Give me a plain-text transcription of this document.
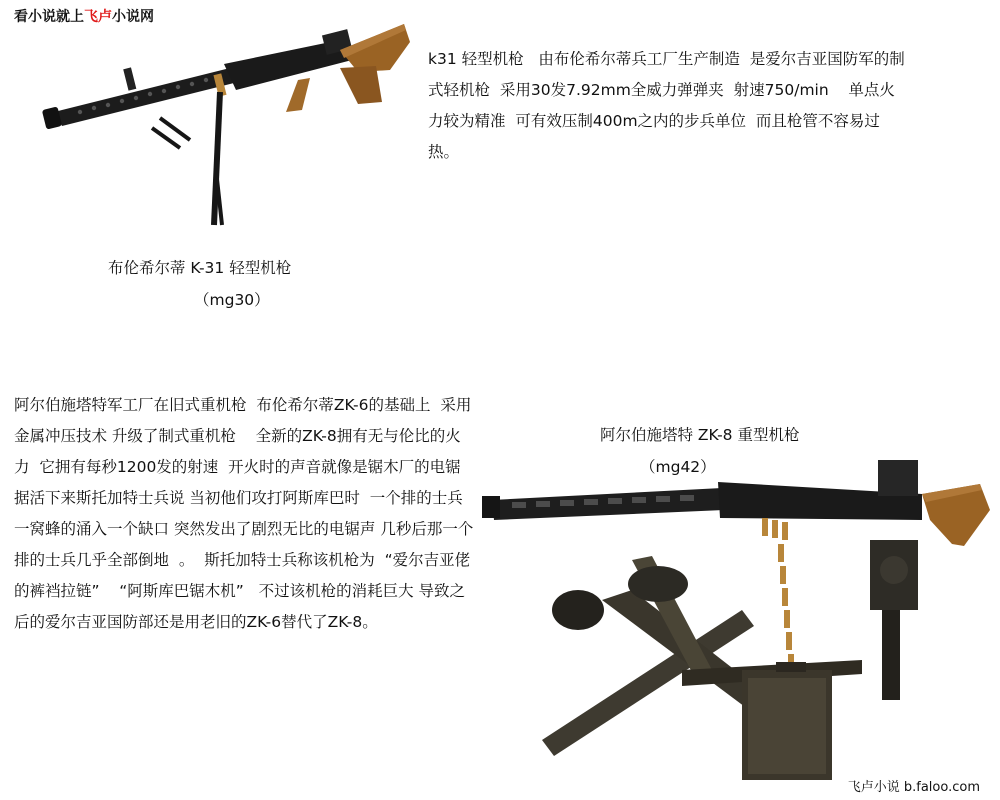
看小说就上飞卢小说网
k31 轻型机枪   由布伦希尔蒂兵工厂生产制造  是爱尔吉亚国防军的制式轻机枪  采用30发7.92mm全威力弹弹夹  射速750/min    单点火力较为精准  可有效压制400m之内的步兵单位  而且枪管不容易过热。
布伦希尔蒂 K-31 轻型机枪
（mg30）
阿尔伯施塔特军工厂在旧式重机枪  布伦希尔蒂ZK-6的基础上  采用金属冲压技术 升级了制式重机枪    全新的ZK-8拥有无与伦比的火力  它拥有每秒1200发的射速  开火时的声音就像是锯木厂的电锯   据活下来斯托加特士兵说 当初他们攻打阿斯库巴时  一个排的士兵一窝蜂的涌入一个缺口 突然发出了剧烈无比的电锯声 几秒后那一个排的士兵几乎全部倒地  。  斯托加特士兵称该机枪为  “爱尔吉亚佬的裤裆拉链”    “阿斯库巴锯木机”   不过该机枪的消耗巨大 导致之后的爱尔吉亚国防部还是用老旧的ZK-6替代了ZK-8。
阿尔伯施塔特 ZK-8 重型机枪
（mg42）
飞卢小说 b.faloo.com
